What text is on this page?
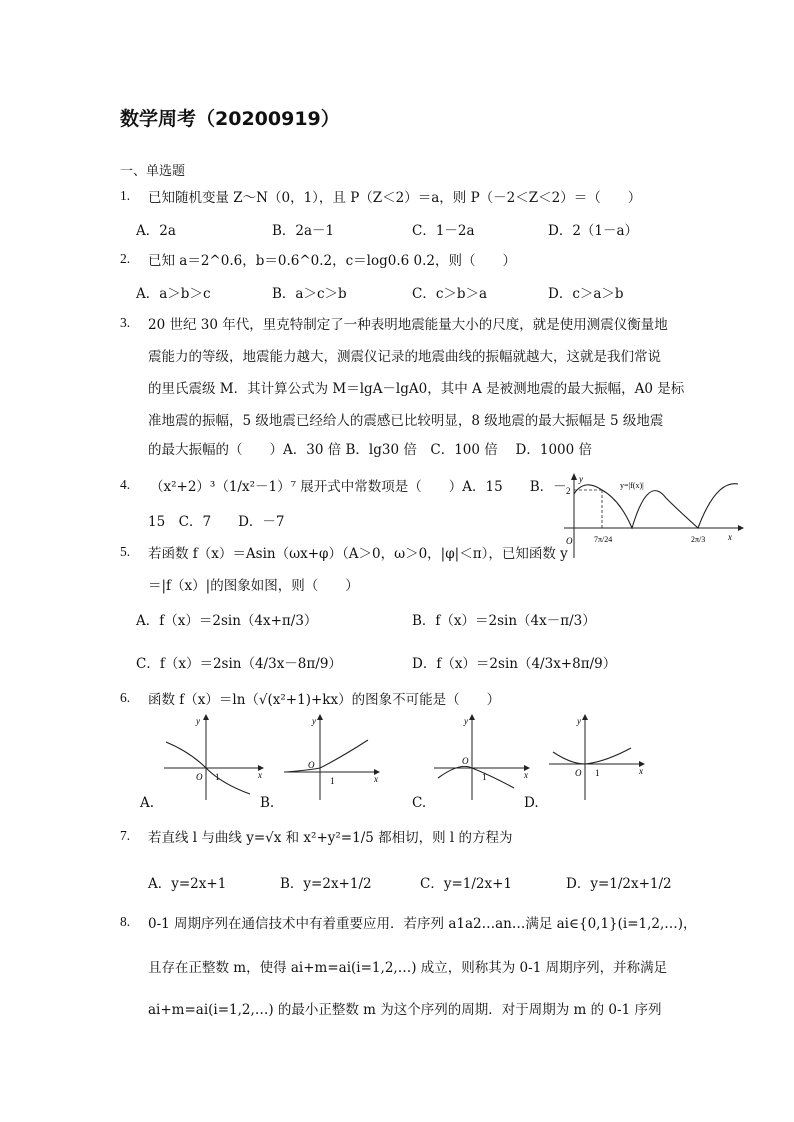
数学周考（20200919）
一、单选题
1. 已知随机变量 Z～N（0，1），且 P（Z＜2）＝a，则 P（－2＜Z＜2）＝（　　）
A．2a	B．2a－1	C．1－2a	D．2（1－a）
2. 已知 a＝2^0.6，b＝0.6^0.2，c＝log0.6 0.2，则（　　）
A．a＞b＞c	B．a＞c＞b	C．c＞b＞a	D．c＞a＞b
3. 20 世纪 30 年代，里克特制定了一种表明地震能量大小的尺度，就是使用测震仪衡量地
震能力的等级，地震能力越大，测震仪记录的地震曲线的振幅就越大，这就是我们常说
的里氏震级 M．其计算公式为 M＝lgA－lgA0，其中 A 是被测地震的最大振幅，A0 是标
准地震的振幅，5 级地震已经给人的震感已比较明显，8 级地震的最大振幅是 5 级地震
的最大振幅的（　　）A．30 倍 B．lg30 倍　C．100 倍　 D．1000 倍
4. （x²+2）³（1/x²－1）⁷ 展开式中常数项是（　　）A．15　　B．－
15　C．7　　D．－7
y
x
2
O
y=|f(x)|
7π/24	2π/3
5. 若函数 f（x）＝Asin（ωx+φ）（A＞0，ω＞0，|φ|＜π），已知函数 y
＝|f（x）|的图象如图，则（　　）
A．f（x）＝2sin（4x+π/3）	B．f（x）＝2sin（4x－π/3）
C．f（x）＝2sin（4/3x－8π/9）	D．f（x）＝2sin（4/3x+8π/9）
6. 函数 f（x）＝ln（√(x²+1)+kx）的图象不可能是（　　）
y
x
O 1
y
x
O
1
y
x
O
1
y
x
O 1
A.	B.	C.	D.
7. 若直线 l 与曲线 y=√x 和 x²+y²=1/5 都相切，则 l 的方程为
A．y=2x+1	B．y=2x+1/2	C．y=1/2x+1	D．y=1/2x+1/2
8. 0-1 周期序列在通信技术中有着重要应用．若序列 a1a2…an…满足 ai∈{0,1}(i=1,2,…)，
且存在正整数 m，使得 ai+m=ai(i=1,2,…) 成立，则称其为 0-1 周期序列，并称满足
ai+m=ai(i=1,2,…) 的最小正整数 m 为这个序列的周期．对于周期为 m 的 0-1 序列
